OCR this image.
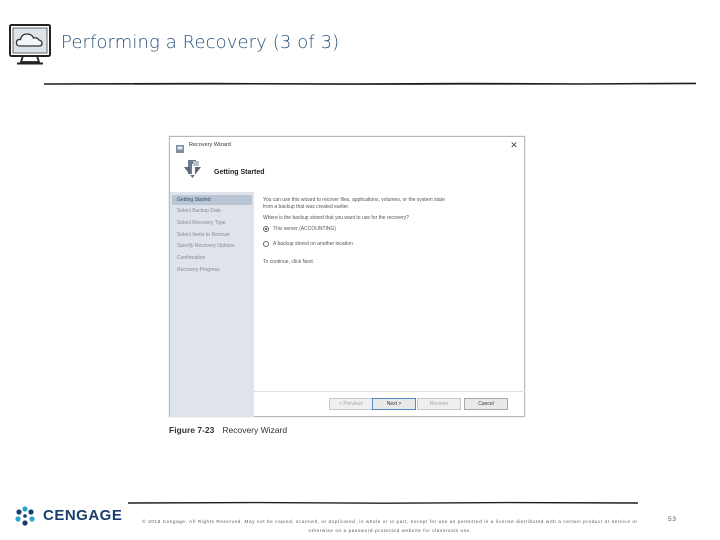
Performing a Recovery (3 of 3)
Recovery Wizard	✕
Getting Started
Getting Started
Select Backup Date
Select Recovery Type
Select Items to Recover
Specify Recovery Options
Confirmation
Recovery Progress
You can use this wizard to recover files, applications, volumes, or the system state
from a backup that was created earlier.
Where is the backup stored that you want to use for the recovery?
This server (ACCOUNTING)
A backup stored on another location
To continue, click Next.
< Previous	Next >	Recover	Cancel
Figure 7-23 Recovery Wizard
CENGAGE	© 2018 Cengage. All Rights Reserved. May not be copied, scanned, or duplicated, in whole or in part, except for use as permitted in a license distributed with a certain product or service or
otherwise on a password-protected website for classroom use.
53
